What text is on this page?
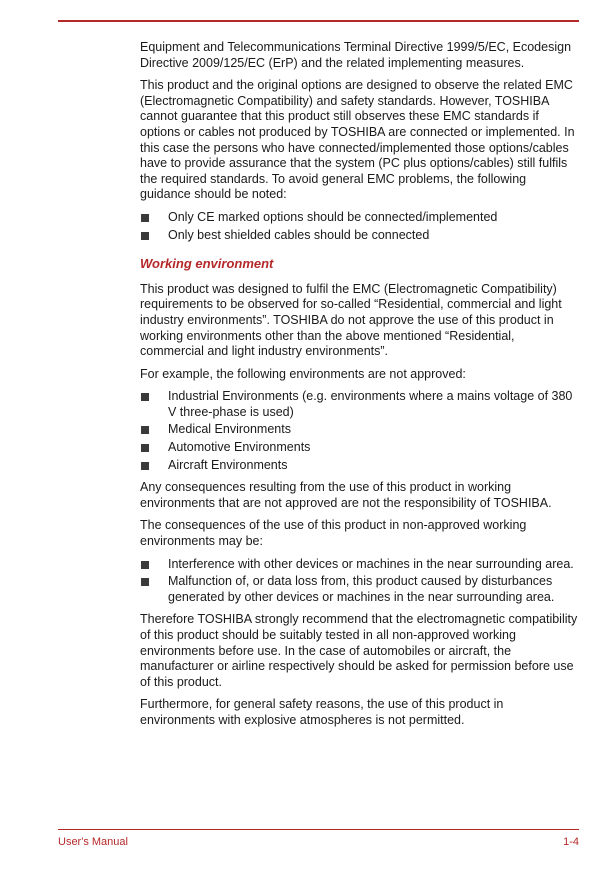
Equipment and Telecommunications Terminal Directive 1999/5/EC, Ecodesign Directive 2009/125/EC (ErP) and the related implementing measures.

This product and the original options are designed to observe the related EMC (Electromagnetic Compatibility) and safety standards. However, TOSHIBA cannot guarantee that this product still observes these EMC standards if options or cables not produced by TOSHIBA are connected or implemented. In this case the persons who have connected/implemented those options/cables have to provide assurance that the system (PC plus options/cables) still fulfils the required standards. To avoid general EMC problems, the following guidance should be noted:

Only CE marked options should be connected/implemented
Only best shielded cables should be connected
Working environment

This product was designed to fulfil the EMC (Electromagnetic Compatibility) requirements to be observed for so-called “Residential, commercial and light industry environments”. TOSHIBA do not approve the use of this product in working environments other than the above mentioned “Residential, commercial and light industry environments”.

For example, the following environments are not approved:

Industrial Environments (e.g. environments where a mains voltage of 380 V three-phase is used)
Medical Environments
Automotive Environments
Aircraft Environments

Any consequences resulting from the use of this product in working environments that are not approved are not the responsibility of TOSHIBA.

The consequences of the use of this product in non-approved working environments may be:

Interference with other devices or machines in the near surrounding area.
Malfunction of, or data loss from, this product caused by disturbances generated by other devices or machines in the near surrounding area.

Therefore TOSHIBA strongly recommend that the electromagnetic compatibility of this product should be suitably tested in all non-approved working environments before use. In the case of automobiles or aircraft, the manufacturer or airline respectively should be asked for permission before use of this product.

Furthermore, for general safety reasons, the use of this product in environments with explosive atmospheres is not permitted.

User's Manual	1-4
